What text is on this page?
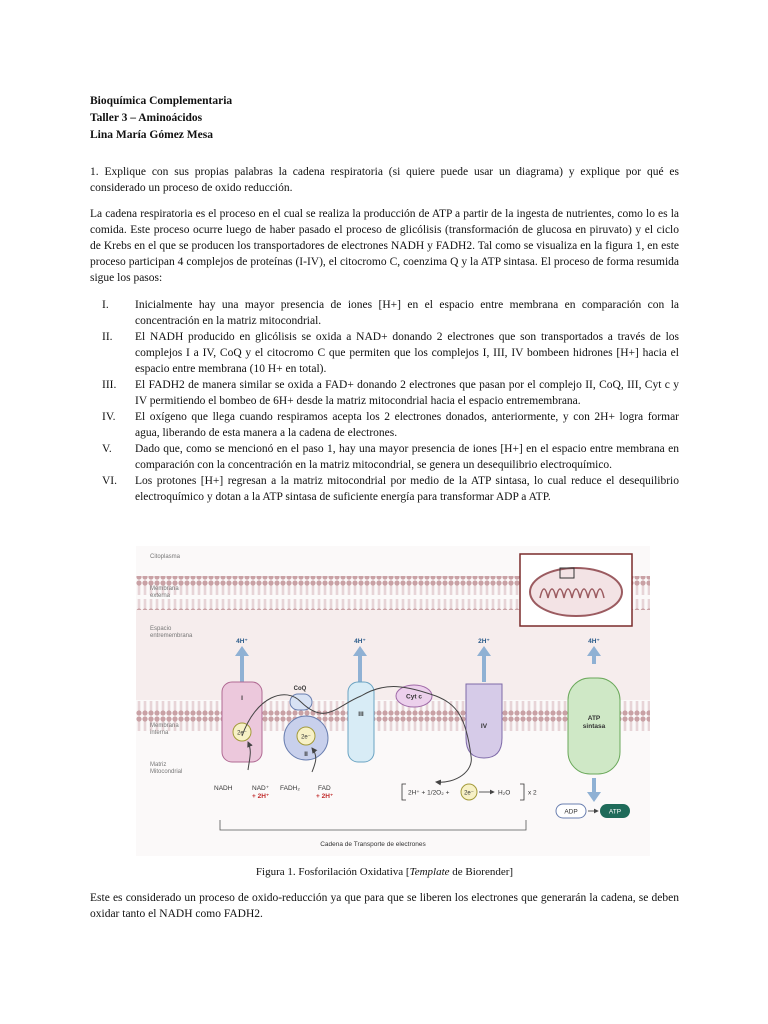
Bioquímica Complementaria
Taller 3 – Aminoácidos
Lina María Gómez Mesa
1. Explique con sus propias palabras la cadena respiratoria (si quiere puede usar un diagrama) y explique por qué es considerado un proceso de oxido reducción.
La cadena respiratoria es el proceso en el cual se realiza la producción de ATP a partir de la ingesta de nutrientes, como lo es la comida. Este proceso ocurre luego de haber pasado el proceso de glicólisis (transformación de glucosa en piruvato) y el ciclo de Krebs en el que se producen los transportadores de electrones NADH y FADH2. Tal como se visualiza en la figura 1, en este proceso participan 4 complejos de proteínas (I-IV), el citocromo C, coenzima Q y la ATP sintasa. El proceso de forma resumida sigue los pasos:
I.	Inicialmente hay una mayor presencia de iones [H+] en el espacio entre membrana en comparación con la concentración en la matriz mitocondrial.
II.	El NADH producido en glicólisis se oxida a NAD+ donando 2 electrones que son transportados a través de los complejos I a IV, CoQ y el citocromo C que permiten que los complejos I, III, IV bombeen hidrones [H+] hacia el espacio entre membrana (10 H+ en total).
III.	El FADH2 de manera similar se oxida a FAD+ donando 2 electrones que pasan por el complejo II, CoQ, III, Cyt c y IV permitiendo el bombeo de 6H+ desde la matriz mitocondrial hacia el espacio entremembrana.
IV.	El oxígeno que llega cuando respiramos acepta los 2 electrones donados, anteriormente, y con 2H+ logra formar agua, liberando de esta manera a la cadena de electrones.
V.	Dado que, como se mencionó en el paso 1, hay una mayor presencia de iones [H+] en el espacio entre membrana en comparación con la concentración en la matriz mitocondrial, se genera un desequilibrio electroquímico.
VI.	Los protones [H+] regresan a la matriz mitocondrial por medio de la ATP sintasa, lo cual reduce el desequilibrio electroquímico y dotan a la ATP sintasa de suficiente energía para transformar ADP a ATP.
Citoplasma
Membrana
externa
Espacio
entremembrana
Membrana
interna
Matriz
Mitocondrial
4H⁺	4H⁺	2H⁺	4H⁺
I
2e⁻
CoQ
2e⁻
II
III
Cyt c
IV
ATP
sintasa
NADH	NAD⁺
+ 2H⁺
FADH₂	FAD
+ 2H⁺	2H⁺ + 1/2O₂ + 2e⁻	H₂O	x 2
ADP	ATP
Cadena de Transporte de electrones
Figura 1. Fosforilación Oxidativa [Template de Biorender]
Este es considerado un proceso de oxido-reducción ya que para que se liberen los electrones que generarán la cadena, se deben oxidar tanto el NADH como FADH2.
